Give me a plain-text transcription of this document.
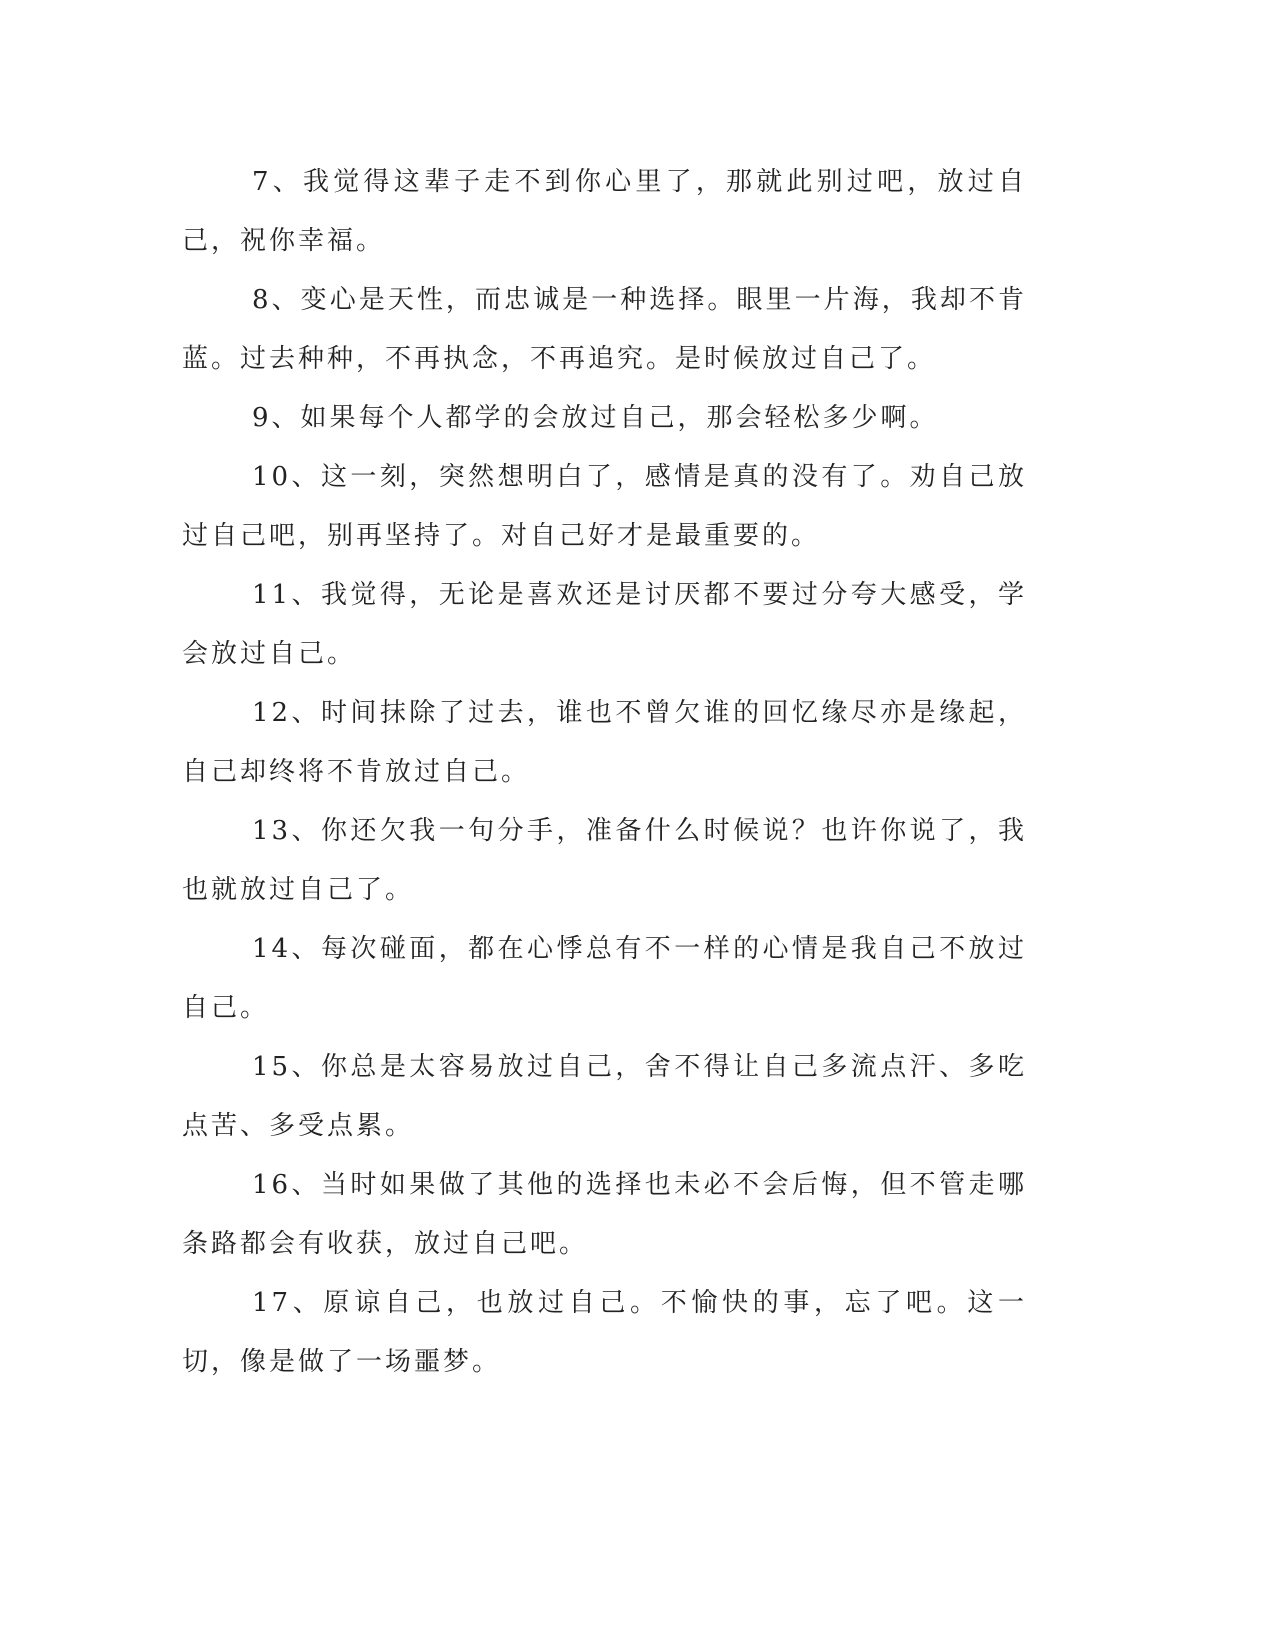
7、我觉得这辈子走不到你心里了，那就此别过吧，放过自己，祝你幸福。

8、变心是天性，而忠诚是一种选择。眼里一片海，我却不肯蓝。过去种种，不再执念，不再追究。是时候放过自己了。

9、如果每个人都学的会放过自己，那会轻松多少啊。

10、这一刻，突然想明白了，感情是真的没有了。劝自己放过自己吧，别再坚持了。对自己好才是最重要的。

11、我觉得，无论是喜欢还是讨厌都不要过分夸大感受，学会放过自己。

12、时间抹除了过去，谁也不曾欠谁的回忆缘尽亦是缘起，自己却终将不肯放过自己。

13、你还欠我一句分手，准备什么时候说？也许你说了，我也就放过自己了。

14、每次碰面，都在心悸总有不一样的心情是我自己不放过自己。

15、你总是太容易放过自己，舍不得让自己多流点汗、多吃点苦、多受点累。

16、当时如果做了其他的选择也未必不会后悔，但不管走哪条路都会有收获，放过自己吧。

17、原谅自己，也放过自己。不愉快的事，忘了吧。这一切，像是做了一场噩梦。
